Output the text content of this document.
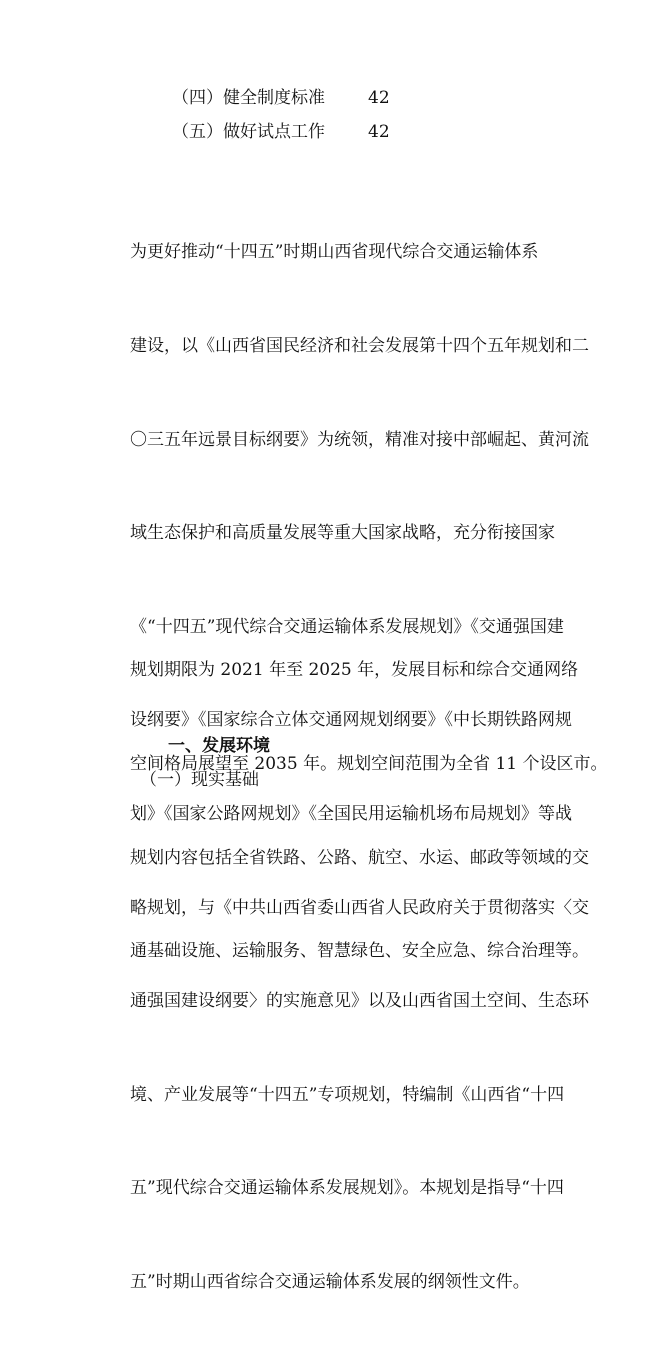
（四）健全制度标准	42
（五）做好试点工作	42

为更好推动“十四五”时期山西省现代综合交通运输体系

建设，以《山西省国民经济和社会发展第十四个五年规划和二

〇三五年远景目标纲要》为统领，精准对接中部崛起、黄河流

域生态保护和高质量发展等重大国家战略，充分衔接国家

《“十四五”现代综合交通运输体系发展规划》《交通强国建

设纲要》《国家综合立体交通网规划纲要》《中长期铁路网规

划》《国家公路网规划》《全国民用运输机场布局规划》等战

略规划，与《中共山西省委山西省人民政府关于贯彻落实〈交

通强国建设纲要〉的实施意见》以及山西省国土空间、生态环

境、产业发展等“十四五”专项规划，特编制《山西省“十四

五”现代综合交通运输体系发展规划》。本规划是指导“十四

五”时期山西省综合交通运输体系发展的纲领性文件。

规划期限为 2021 年至 2025 年，发展目标和综合交通网络

空间格局展望至 2035 年。规划空间范围为全省 11 个设区市。

规划内容包括全省铁路、公路、航空、水运、邮政等领域的交

通基础设施、运输服务、智慧绿色、安全应急、综合治理等。

一、发展环境
（一）现实基础
